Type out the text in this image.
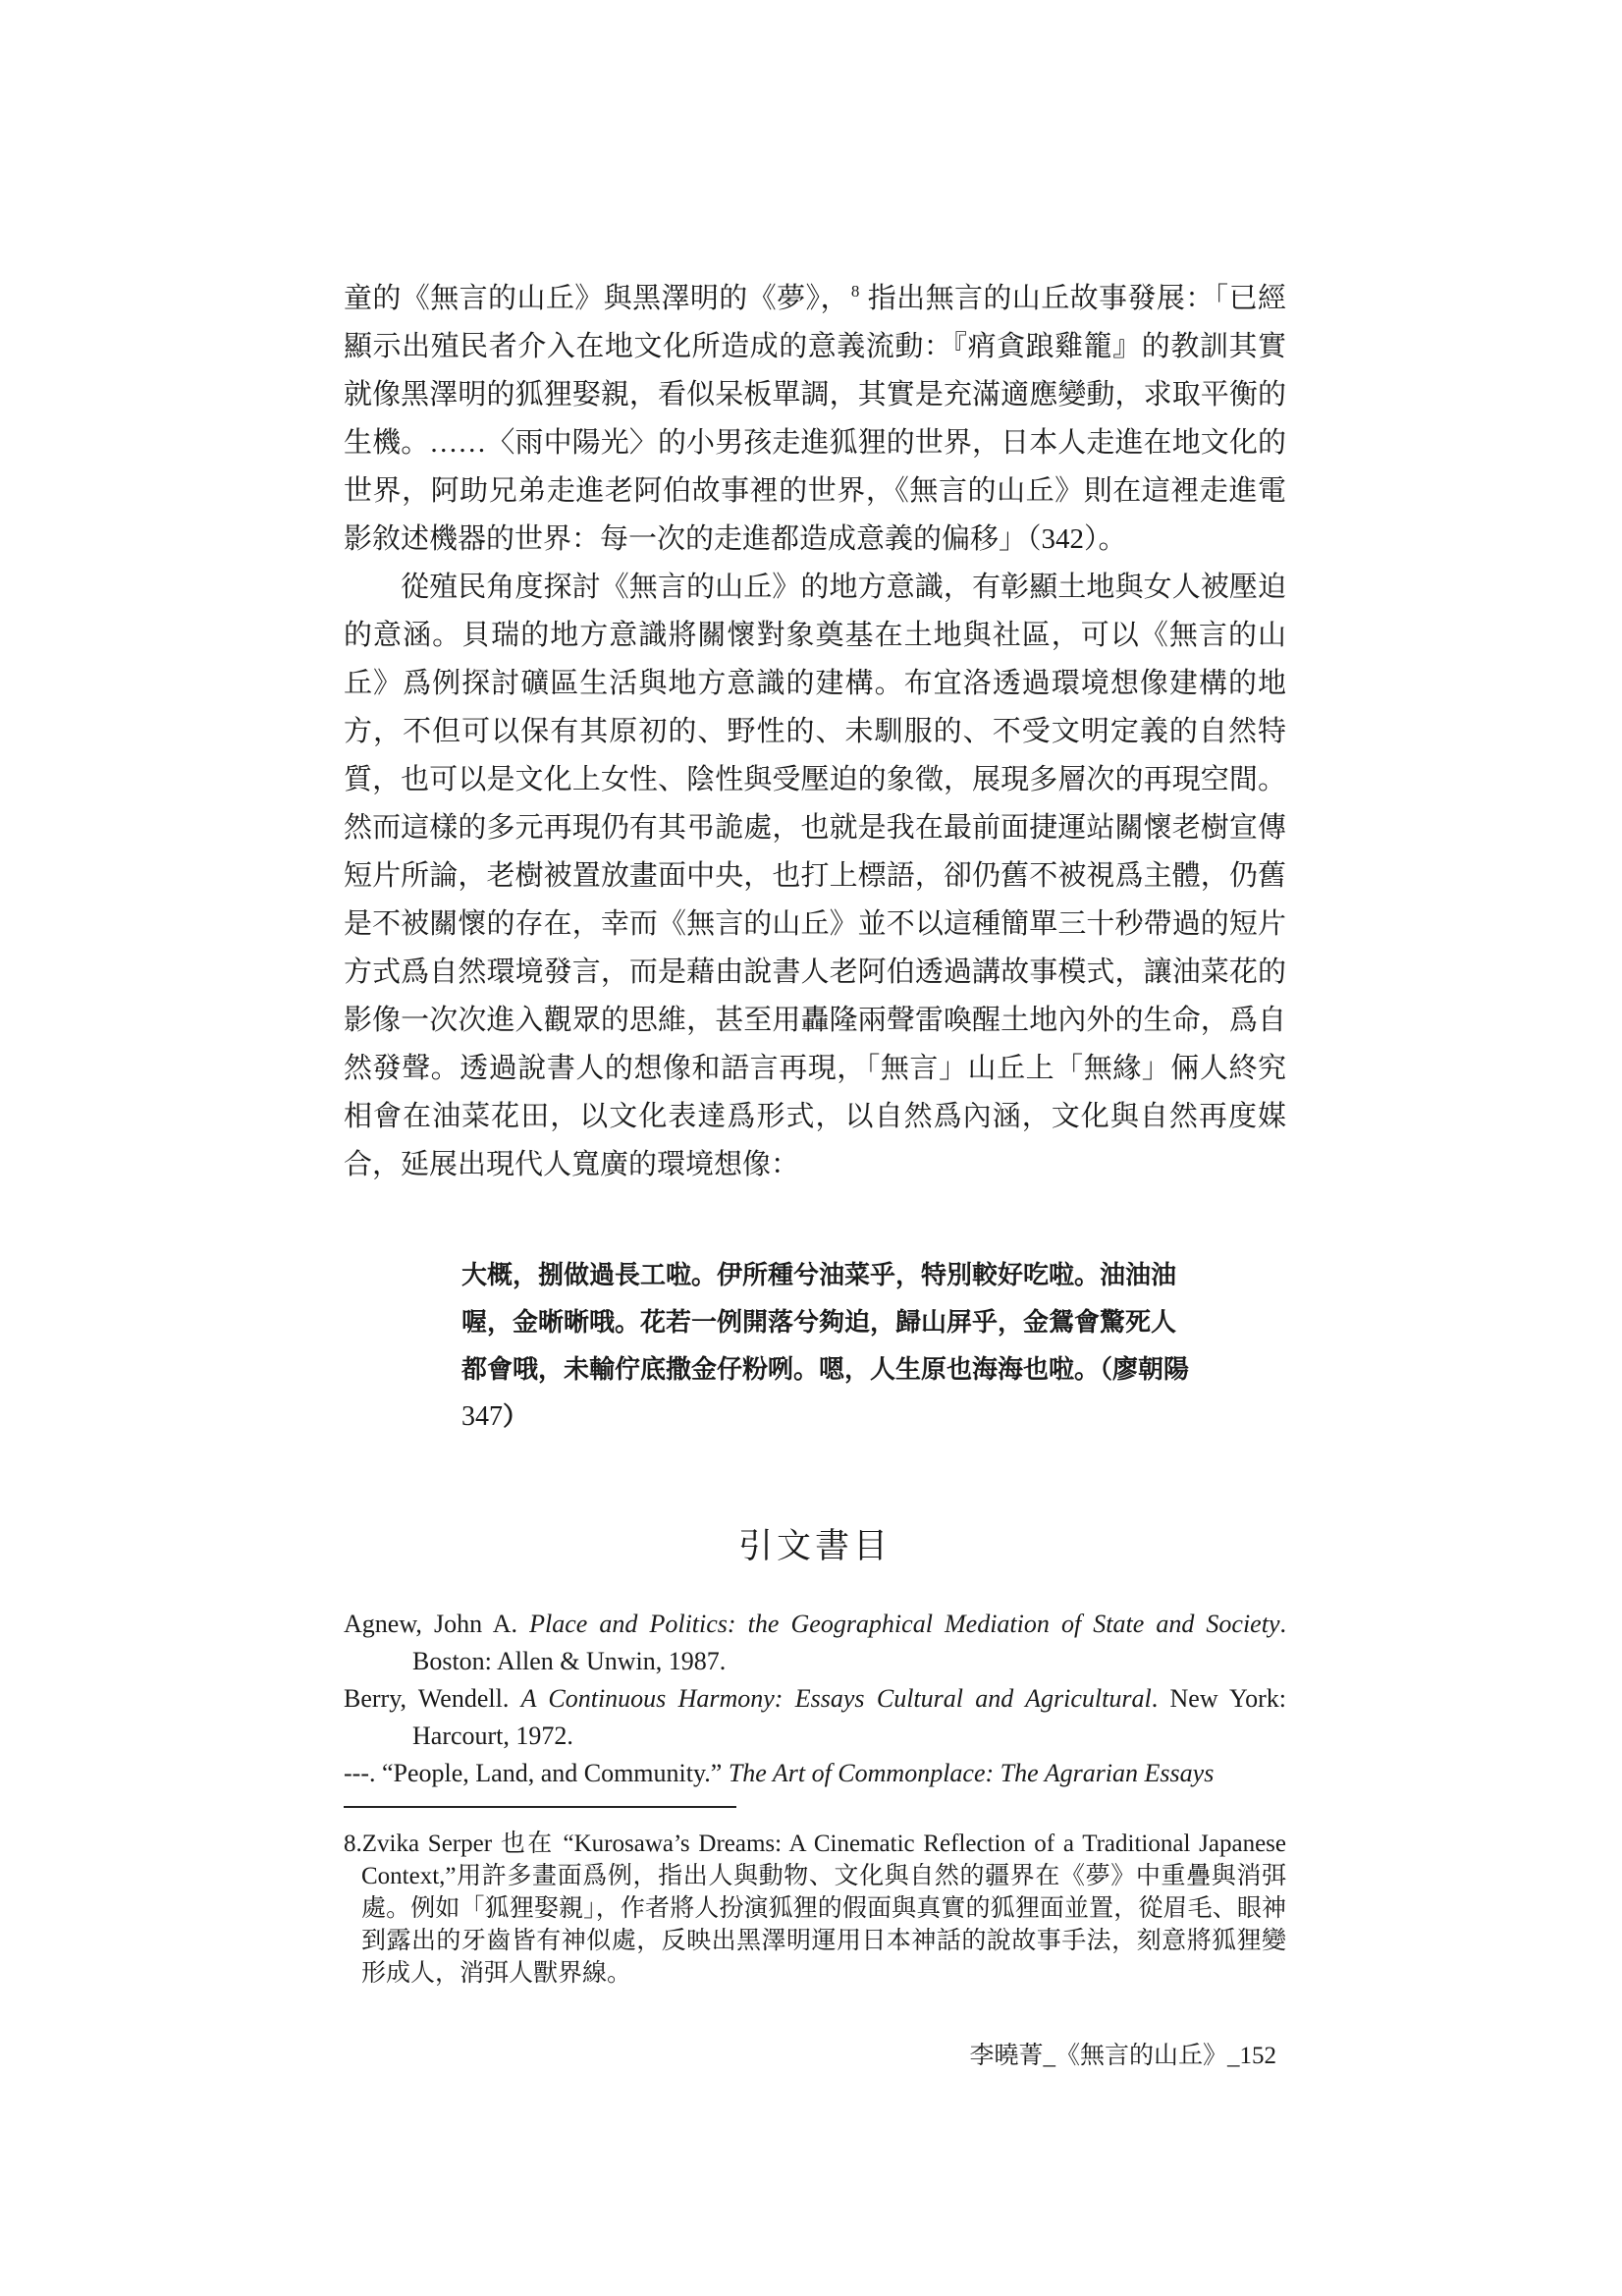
童的《無言的山丘》與黑澤明的《夢》， $^8$ 指出無言的山丘故事發展：「已經顯示出殖民者介入在地文化所造成的意義流動：『痟貪踉雞籠』的教訓其實就像黑澤明的狐狸娶親，看似呆板單調，其實是充滿適應變動，求取平衡的生機。……〈雨中陽光〉的小男孩走進狐狸的世界，日本人走進在地文化的世界，阿助兄弟走進老阿伯故事裡的世界，《無言的山丘》則在這裡走進電影敘述機器的世界：每一次的走進都造成意義的偏移」（342）。

從殖民角度探討《無言的山丘》的地方意識，有彰顯土地與女人被壓迫的意涵。貝瑞的地方意識將關懷對象奠基在土地與社區，可以《無言的山丘》爲例探討礦區生活與地方意識的建構。布宜洛透過環境想像建構的地方，不但可以保有其原初的、野性的、未馴服的、不受文明定義的自然特質，也可以是文化上女性、陰性與受壓迫的象徵，展現多層次的再現空間。然而這樣的多元再現仍有其弔詭處，也就是我在最前面捷運站關懷老樹宣傳短片所論，老樹被置放畫面中央，也打上標語，卻仍舊不被視爲主體，仍舊是不被關懷的存在，幸而《無言的山丘》並不以這種簡單三十秒帶過的短片方式爲自然環境發言，而是藉由說書人老阿伯透過講故事模式，讓油菜花的影像一次次進入觀眾的思維，甚至用轟隆兩聲雷喚醒土地內外的生命，爲自然發聲。透過說書人的想像和語言再現，「無言」山丘上「無緣」倆人終究相會在油菜花田，以文化表達爲形式，以自然爲內涵，文化與自然再度媒合，延展出現代人寬廣的環境想像：

大概，捌做過長工啦。伊所種兮油菜乎，特別較好吃啦。油油油喔，金晰晰哦。花若一例開落兮夠迫，歸山屏乎，金鴛會驚死人都會哦，未輸佇底撒金仔粉咧。嗯，人生原也海海也啦。（廖朝陽 347）

引文書目

Agnew, John A. Place and Politics: the Geographical Mediation of State and Society. Boston: Allen & Unwin, 1987.

Berry, Wendell. A Continuous Harmony: Essays Cultural and Agricultural. New York: Harcourt, 1972.

---. “People, Land, and Community.” The Art of Commonplace: The Agrarian Essays

8.Zvika Serper 也在 “Kurosawa’s Dreams: A Cinematic Reflection of a Traditional Japanese Context,”用許多畫面爲例，指出人與動物、文化與自然的疆界在《夢》中重疊與消弭處。例如「狐狸娶親」，作者將人扮演狐狸的假面與真實的狐狸面並置，從眉毛、眼神到露出的牙齒皆有神似處，反映出黑澤明運用日本神話的說故事手法，刻意將狐狸變形成人，消弭人獸界線。

李曉菁_《無言的山丘》_152
